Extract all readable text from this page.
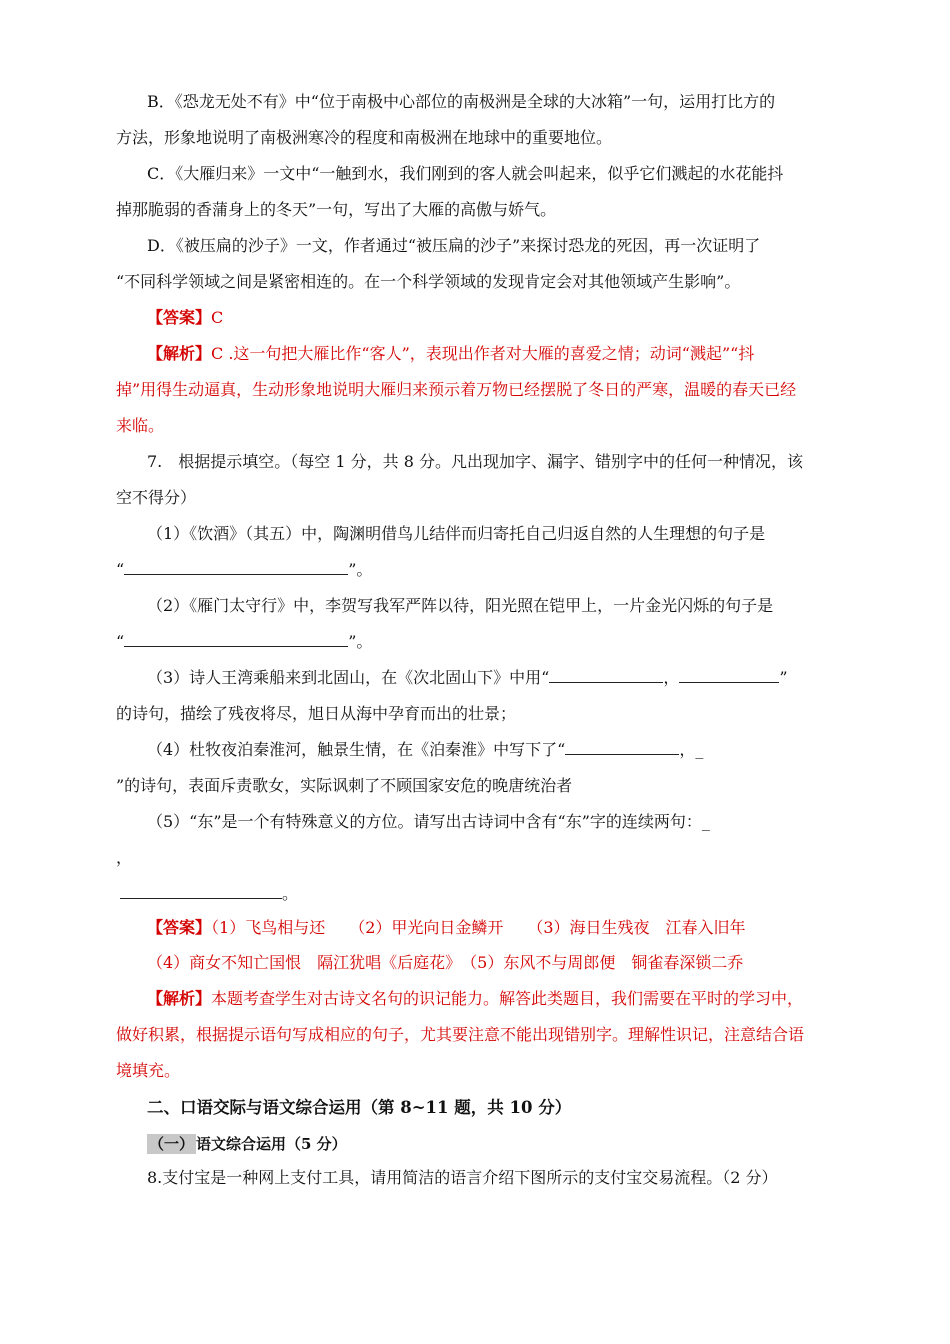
B．《恐龙无处不有》中“位于南极中心部位的南极洲是全球的大冰箱”一句，运用打比方的
方法，形象地说明了南极洲寒冷的程度和南极洲在地球中的重要地位。
C．《大雁归来》一文中“一触到水，我们刚到的客人就会叫起来，似乎它们溅起的水花能抖
掉那脆弱的香蒲身上的冬天”一句，写出了大雁的高傲与娇气。
D．《被压扁的沙子》一文，作者通过“被压扁的沙子”来探讨恐龙的死因，再一次证明了
“不同科学领域之间是紧密相连的。在一个科学领域的发现肯定会对其他领域产生影响”。
【答案】C
【解析】C .这一句把大雁比作“客人”，表现出作者对大雁的喜爱之情；动词“溅起”“抖
掉”用得生动逼真，生动形象地说明大雁归来预示着万物已经摆脱了冬日的严寒，温暖的春天已经
来临。
7.　根据提示填空。（每空 1 分，共 8 分。凡出现加字、漏字、错别字中的任何一种情况，该
空不得分）
（1）《饮酒》（其五）中，陶渊明借鸟儿结伴而归寄托自己归返自然的人生理想的句子是
“	”。
（2）《雁门太守行》中，李贺写我军严阵以待，阳光照在铠甲上，一片金光闪烁的句子是
“	”。
（3）诗人王湾乘船来到北固山，在《次北固山下》中用“	，	”
的诗句，描绘了残夜将尽，旭日从海中孕育而出的壮景；
（4）杜牧夜泊秦淮河，触景生情，在《泊秦淮》中写下了“	，_
”的诗句，表面斥责歌女，实际讽刺了不顾国家安危的晚唐统治者
（5）“东”是一个有特殊意义的方位。请写出古诗词中含有“东”字的连续两句：_
，
。
【答案】（1）飞鸟相与还　　（2）甲光向日金鳞开　　（3）海日生残夜　江春入旧年
（4）商女不知亡国恨　隔江犹唱《后庭花》　（5）东风不与周郎便　铜雀春深锁二乔
【解析】本题考查学生对古诗文名句的识记能力。解答此类题目，我们需要在平时的学习中，
做好积累，根据提示语句写成相应的句子，尤其要注意不能出现错别字。理解性识记，注意结合语
境填充。
二、口语交际与语文综合运用（第 8~11 题，共 10 分）
（一） 语文综合运用（5 分）
8.支付宝是一种网上支付工具，请用简洁的语言介绍下图所示的支付宝交易流程。（2 分）
